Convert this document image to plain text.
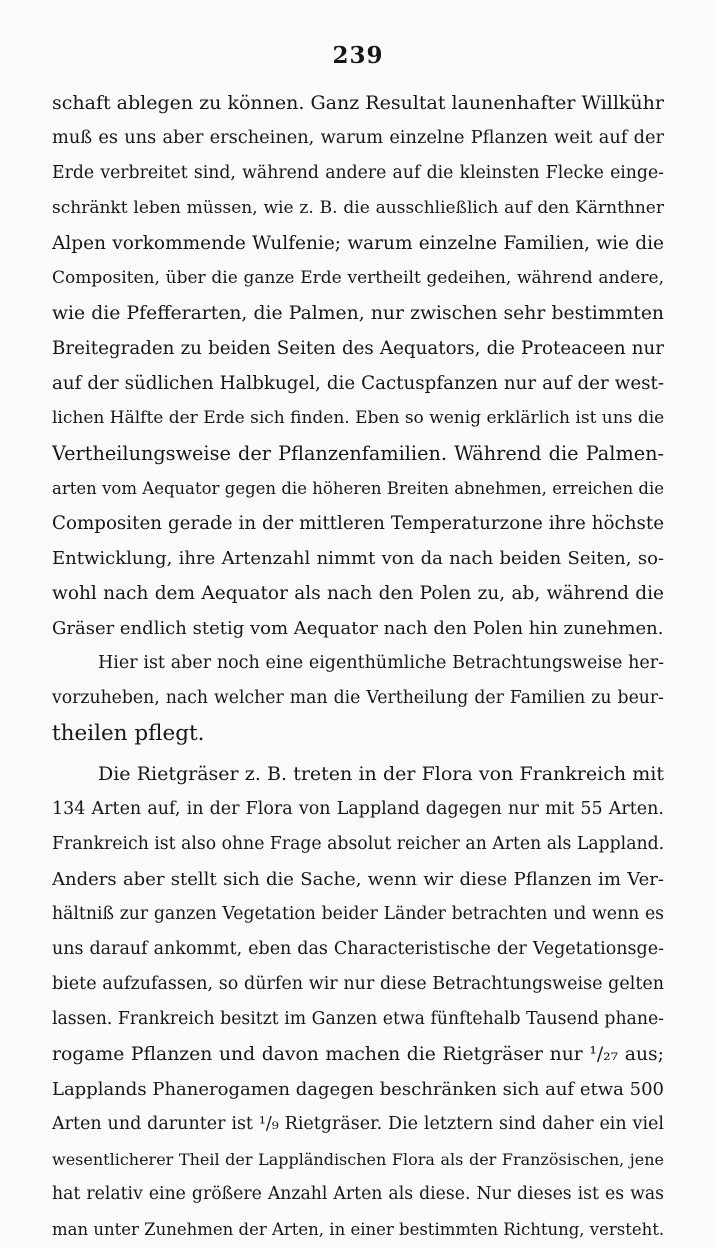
239
schaft ablegen zu können. Ganz Resultat launenhafter Willkühr
muß es uns aber erscheinen, warum einzelne Pflanzen weit auf der
Erde verbreitet sind, während andere auf die kleinsten Flecke einge-
schränkt leben müssen, wie z. B. die ausschließlich auf den Kärnthner
Alpen vorkommende Wulfenie; warum einzelne Familien, wie die
Compositen, über die ganze Erde vertheilt gedeihen, während andere,
wie die Pfefferarten, die Palmen, nur zwischen sehr bestimmten
Breitegraden zu beiden Seiten des Aequators, die Proteaceen nur
auf der südlichen Halbkugel, die Cactuspfanzen nur auf der west-
lichen Hälfte der Erde sich finden. Eben so wenig erklärlich ist uns die
Vertheilungsweise der Pflanzenfamilien. Während die Palmen-
arten vom Aequator gegen die höheren Breiten abnehmen, erreichen die
Compositen gerade in der mittleren Temperaturzone ihre höchste
Entwicklung, ihre Artenzahl nimmt von da nach beiden Seiten, so-
wohl nach dem Aequator als nach den Polen zu, ab, während die
Gräser endlich stetig vom Aequator nach den Polen hin zunehmen.
Hier ist aber noch eine eigenthümliche Betrachtungsweise her-
vorzuheben, nach welcher man die Vertheilung der Familien zu beur-
theilen pflegt.
Die Rietgräser z. B. treten in der Flora von Frankreich mit
134 Arten auf, in der Flora von Lappland dagegen nur mit 55 Arten.
Frankreich ist also ohne Frage absolut reicher an Arten als Lappland.
Anders aber stellt sich die Sache, wenn wir diese Pflanzen im Ver-
hältniß zur ganzen Vegetation beider Länder betrachten und wenn es
uns darauf ankommt, eben das Characteristische der Vegetationsge-
biete aufzufassen, so dürfen wir nur diese Betrachtungsweise gelten
lassen. Frankreich besitzt im Ganzen etwa fünftehalb Tausend phane-
rogame Pflanzen und davon machen die Rietgräser nur ¹/₂₇ aus;
Lapplands Phanerogamen dagegen beschränken sich auf etwa 500
Arten und darunter ist ¹/₉ Rietgräser. Die letztern sind daher ein viel
wesentlicherer Theil der Lappländischen Flora als der Französischen, jene
hat relativ eine größere Anzahl Arten als diese. Nur dieses ist es was
man unter Zunehmen der Arten, in einer bestimmten Richtung, versteht.
